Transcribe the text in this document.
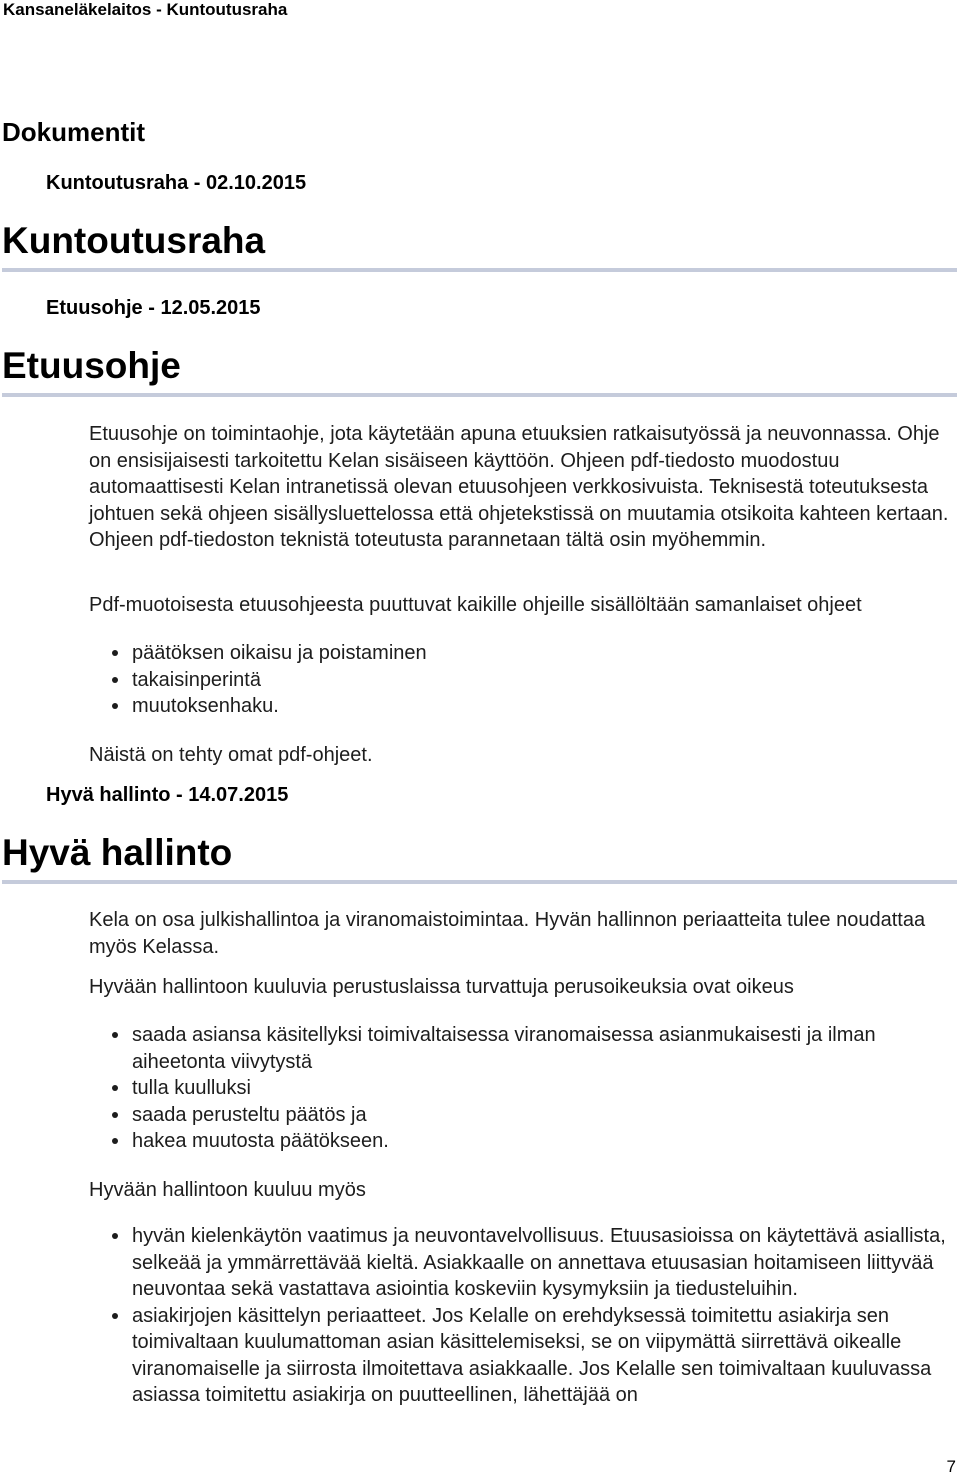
Kansaneläkelaitos - Kuntoutusraha
Dokumentit
Kuntoutusraha - 02.10.2015
Kuntoutusraha
Etuusohje - 12.05.2015
Etuusohje

Etuusohje on toimintaohje, jota käytetään apuna etuuksien ratkaisutyössä ja neuvonnassa. Ohje on ensisijaisesti tarkoitettu Kelan sisäiseen käyttöön. Ohjeen pdf-tiedosto muodostuu automaattisesti Kelan intranetissä olevan etuusohjeen verkkosivuista. Teknisestä toteutuksesta johtuen sekä ohjeen sisällysluettelossa että ohjetekstissä on muutamia otsikoita kahteen kertaan. Ohjeen pdf-tiedoston teknistä toteutusta parannetaan tältä osin myöhemmin.

Pdf-muotoisesta etuusohjeesta puuttuvat kaikille ohjeille sisällöltään samanlaiset ohjeet

päätöksen oikaisu ja poistaminen
takaisinperintä
muutoksenhaku.

Näistä on tehty omat pdf-ohjeet.

Hyvä hallinto - 14.07.2015
Hyvä hallinto

Kela on osa julkishallintoa ja viranomaistoimintaa. Hyvän hallinnon periaatteita tulee noudattaa myös Kelassa.

Hyvään hallintoon kuuluvia perustuslaissa turvattuja perusoikeuksia ovat oikeus

saada asiansa käsitellyksi toimivaltaisessa viranomaisessa asianmukaisesti ja ilman aiheetonta viivytystä
tulla kuulluksi
saada perusteltu päätös ja
hakea muutosta päätökseen.

Hyvään hallintoon kuuluu myös

hyvän kielenkäytön vaatimus ja neuvontavelvollisuus. Etuusasioissa on käytettävä asiallista, selkeää ja ymmärrettävää kieltä. Asiakkaalle on annettava etuusasian hoitamiseen liittyvää neuvontaa sekä vastattava asiointia koskeviin kysymyksiin ja tiedusteluihin.
asiakirjojen käsittelyn periaatteet. Jos Kelalle on erehdyksessä toimitettu asiakirja sen toimivaltaan kuulumattoman asian käsittelemiseksi, se on viipymättä siirrettävä oikealle viranomaiselle ja siirrosta ilmoitettava asiakkaalle. Jos Kelalle sen toimivaltaan kuuluvassa asiassa toimitettu asiakirja on puutteellinen, lähettäjää on
7
